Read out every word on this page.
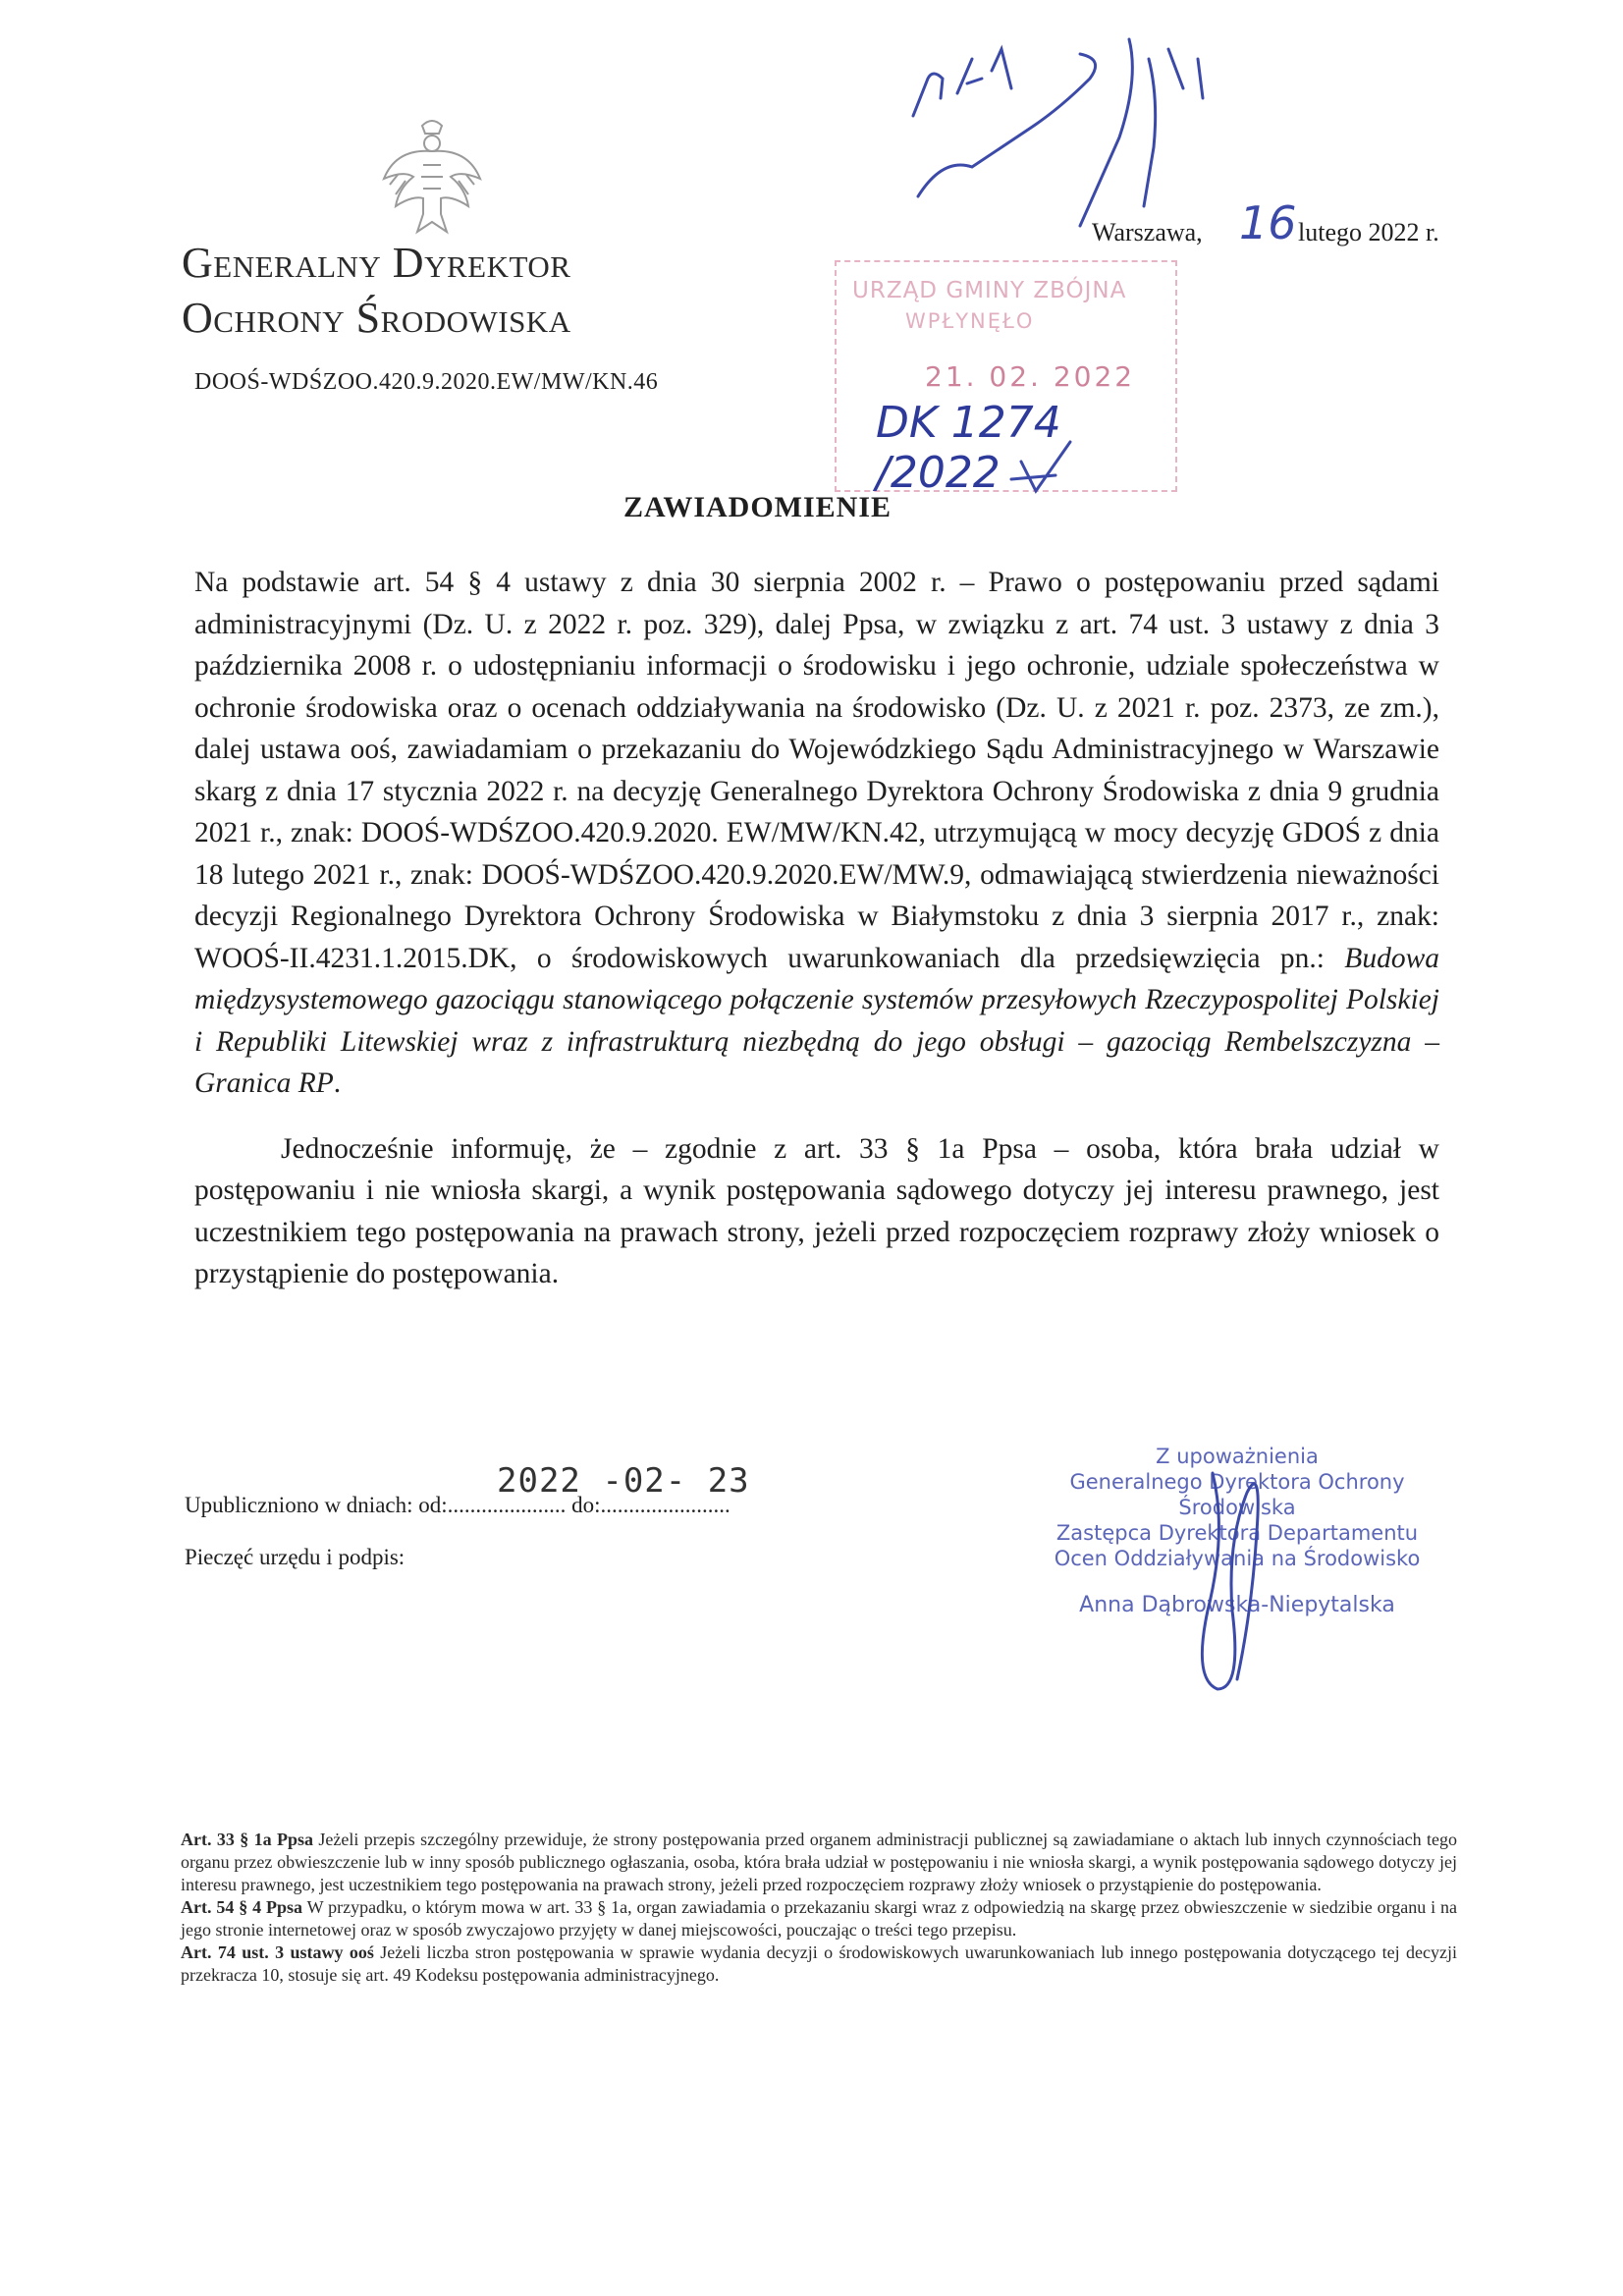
Generalny Dyrektor
Ochrony Środowiska
DOOŚ-WDŚZOO.420.9.2020.EW/MW/KN.46
Warszawa, 16 lutego 2022 r.
URZĄD GMINY ZBÓJNA
WPŁYNĘŁO
21. 02. 2022
DK 1274 /2022
ZAWIADOMIENIE

Na podstawie art. 54 § 4 ustawy z dnia 30 sierpnia 2002 r. – Prawo o postępowaniu przed sądami administracyjnymi (Dz. U. z 2022 r. poz. 329), dalej Ppsa, w związku z art. 74 ust. 3 ustawy z dnia 3 października 2008 r. o udostępnianiu informacji o środowisku i jego ochronie, udziale społeczeństwa w ochronie środowiska oraz o ocenach oddziaływania na środowisko (Dz. U. z 2021 r. poz. 2373, ze zm.), dalej ustawa ooś, zawiadamiam o przekazaniu do Wojewódzkiego Sądu Administracyjnego w Warszawie skarg z dnia 17 stycznia 2022 r. na decyzję Generalnego Dyrektora Ochrony Środowiska z dnia 9 grudnia 2021 r., znak: DOOŚ-WDŚZOO.420.9.2020. EW/MW/KN.42, utrzymującą w mocy decyzję GDOŚ z dnia 18 lutego 2021 r., znak: DOOŚ-WDŚZOO.420.9.2020.EW/MW.9, odmawiającą stwierdzenia nieważności decyzji Regionalnego Dyrektora Ochrony Środowiska w Białymstoku z dnia 3 sierpnia 2017 r., znak: WOOŚ-II.4231.1.2015.DK, o środowiskowych uwarunkowaniach dla przedsięwzięcia pn.: Budowa międzysystemowego gazociągu stanowiącego połączenie systemów przesyłowych Rzeczypospolitej Polskiej i Republiki Litewskiej wraz z infrastrukturą niezbędną do jego obsługi – gazociąg Rembelszczyzna – Granica RP.

Jednocześnie informuję, że – zgodnie z art. 33 § 1a Ppsa – osoba, która brała udział w postępowaniu i nie wniosła skargi, a wynik postępowania sądowego dotyczy jej interesu prawnego, jest uczestnikiem tego postępowania na prawach strony, jeżeli przed rozpoczęciem rozprawy złoży wniosek o przystąpienie do postępowania.

Upubliczniono w dniach: od:..................... do:.......................
2022 -02- 23
Pieczęć urzędu i podpis:
Z upoważnienia
Generalnego Dyrektora Ochrony Środowiska
Zastępca Dyrektora Departamentu
Ocen Oddziaływania na Środowisko
Anna Dąbrowska-Niepytalska

Art. 33 § 1a Ppsa Jeżeli przepis szczególny przewiduje, że strony postępowania przed organem administracji publicznej są zawiadamiane o aktach lub innych czynnościach tego organu przez obwieszczenie lub w inny sposób publicznego ogłaszania, osoba, która brała udział w postępowaniu i nie wniosła skargi, a wynik postępowania sądowego dotyczy jej interesu prawnego, jest uczestnikiem tego postępowania na prawach strony, jeżeli przed rozpoczęciem rozprawy złoży wniosek o przystąpienie do postępowania.

Art. 54 § 4 Ppsa W przypadku, o którym mowa w art. 33 § 1a, organ zawiadamia o przekazaniu skargi wraz z odpowiedzią na skargę przez obwieszczenie w siedzibie organu i na jego stronie internetowej oraz w sposób zwyczajowo przyjęty w danej miejscowości, pouczając o treści tego przepisu.

Art. 74 ust. 3 ustawy ooś Jeżeli liczba stron postępowania w sprawie wydania decyzji o środowiskowych uwarunkowaniach lub innego postępowania dotyczącego tej decyzji przekracza 10, stosuje się art. 49 Kodeksu postępowania administracyjnego.
